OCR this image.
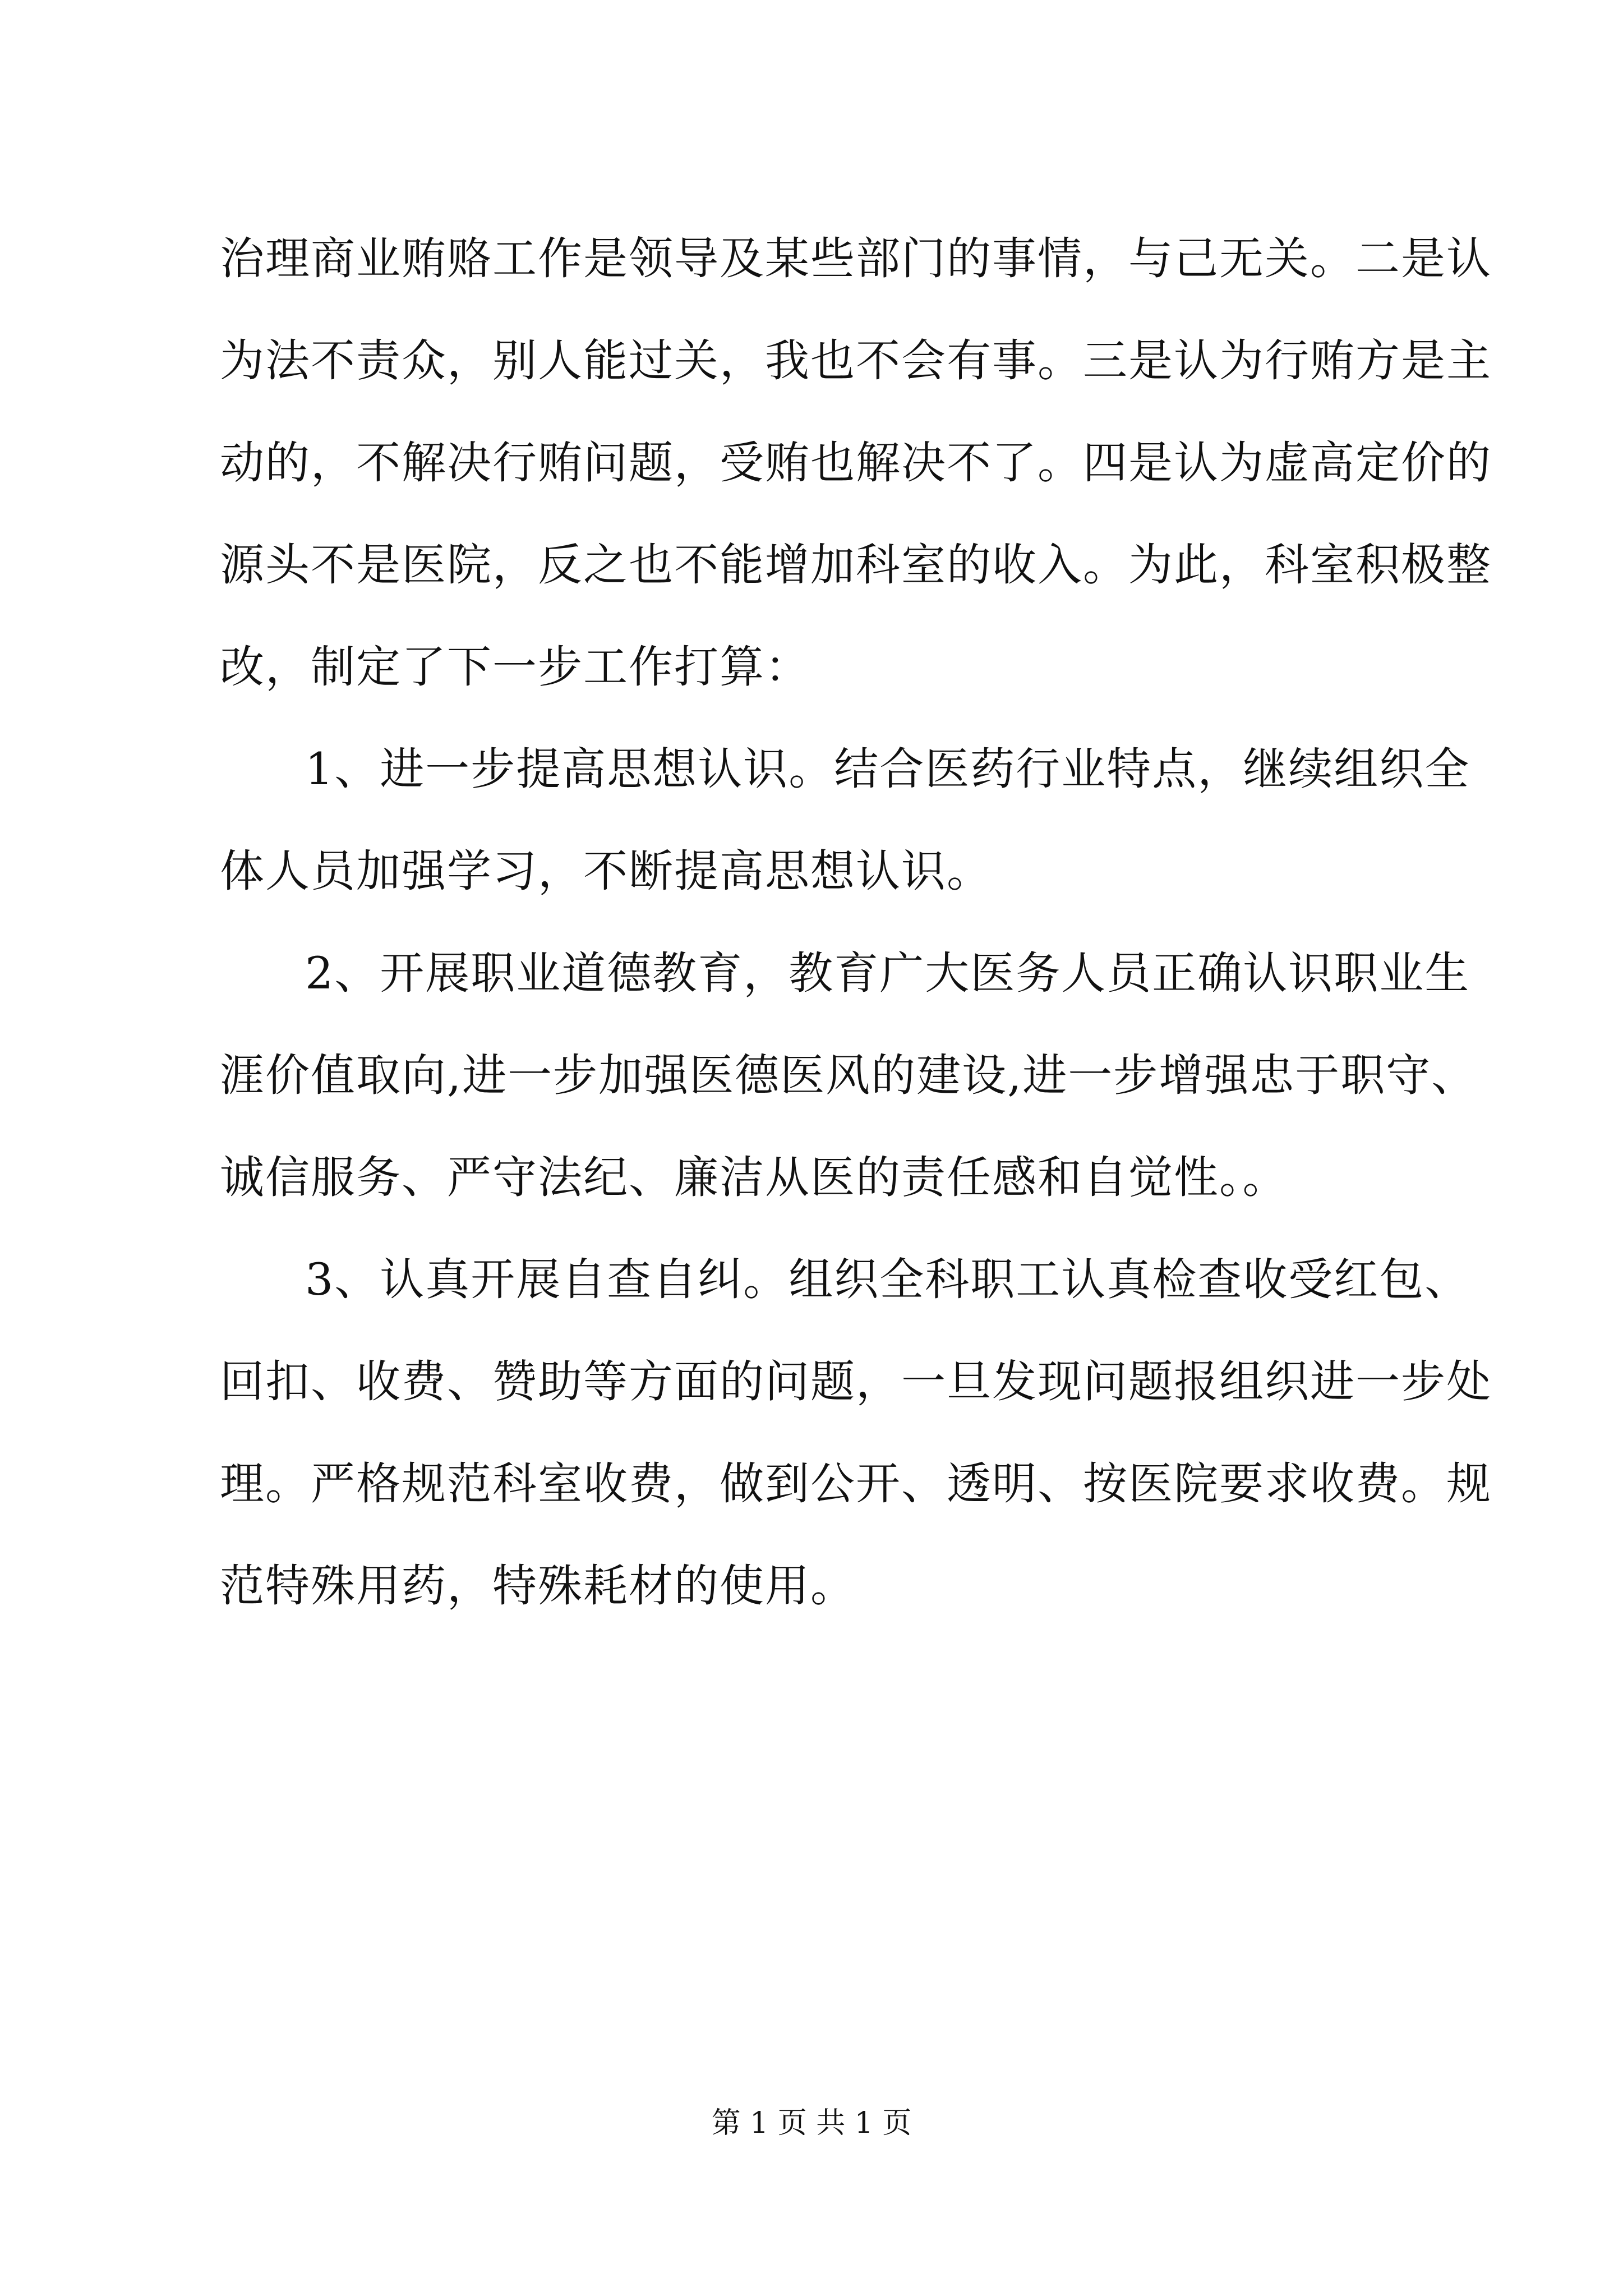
治理商业贿赂工作是领导及某些部门的事情，与己无关。二是认
为法不责众，别人能过关，我也不会有事。三是认为行贿方是主
动的，不解决行贿问题，受贿也解决不了。四是认为虚高定价的
源头不是医院，反之也不能增加科室的收入。为此，科室积极整
改，制定了下一步工作打算：
1、进一步提高思想认识。结合医药行业特点，继续组织全
体人员加强学习，不断提高思想认识。
2、开展职业道德教育，教育广大医务人员正确认识职业生
涯价值取向,进一步加强医德医风的建设,进一步增强忠于职守、
诚信服务、严守法纪、廉洁从医的责任感和自觉性。。
3、认真开展自查自纠。组织全科职工认真检查收受红包、
回扣、收费、赞助等方面的问题，一旦发现问题报组织进一步处
理。严格规范科室收费，做到公开、透明、按医院要求收费。规
范特殊用药，特殊耗材的使用。
第 1 页 共 1 页
